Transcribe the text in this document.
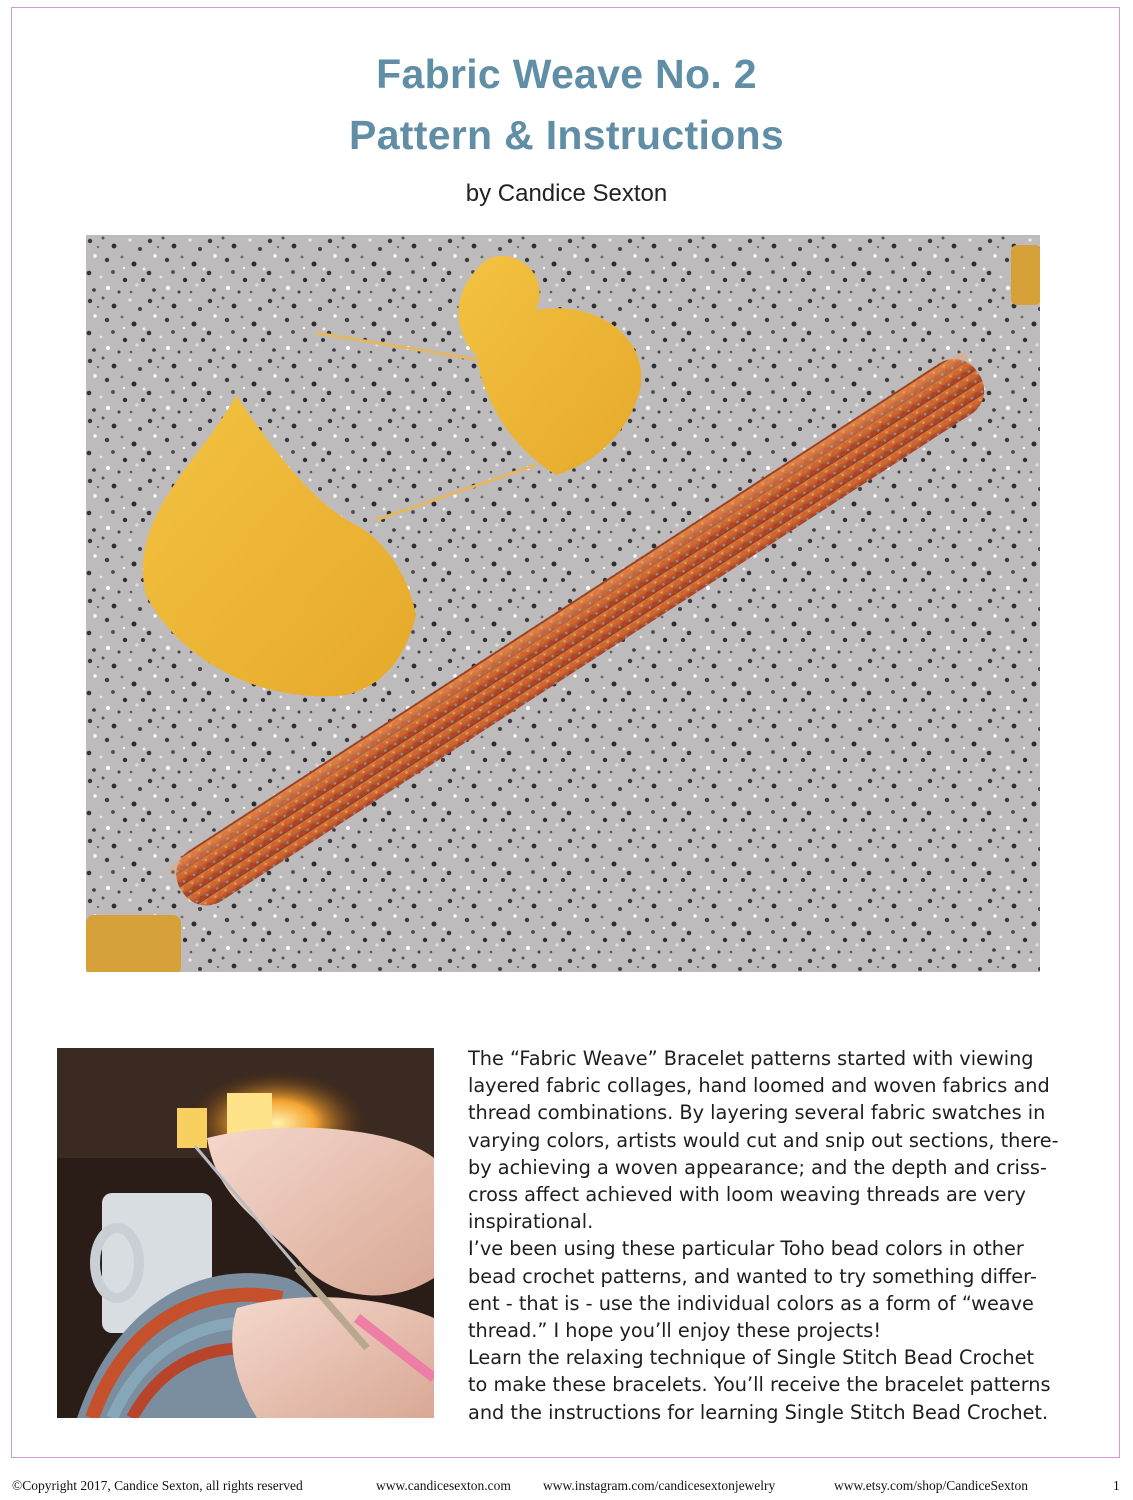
Fabric Weave No. 2
Pattern & Instructions
by Candice Sexton

The “Fabric Weave” Bracelet patterns started with viewing
layered fabric collages, hand loomed and woven fabrics and
thread combinations. By layering several fabric swatches in
varying colors, artists would cut and snip out sections, there-
by achieving a woven appearance; and the depth and criss-
cross affect achieved with loom weaving threads are very
inspirational.

I’ve been using these particular Toho bead colors in other
bead crochet patterns, and wanted to try something differ-
ent - that is - use the individual colors as a form of “weave
thread.” I hope you’ll enjoy these projects!

Learn the relaxing technique of Single Stitch Bead Crochet
to make these bracelets. You’ll receive the bracelet patterns
and the instructions for learning Single Stitch Bead Crochet.

©Copyright 2017, Candice Sexton, all rights reserved	www.candicesexton.com www.instagram.com/candicesextonjewelry	www.etsy.com/shop/CandiceSexton	1
